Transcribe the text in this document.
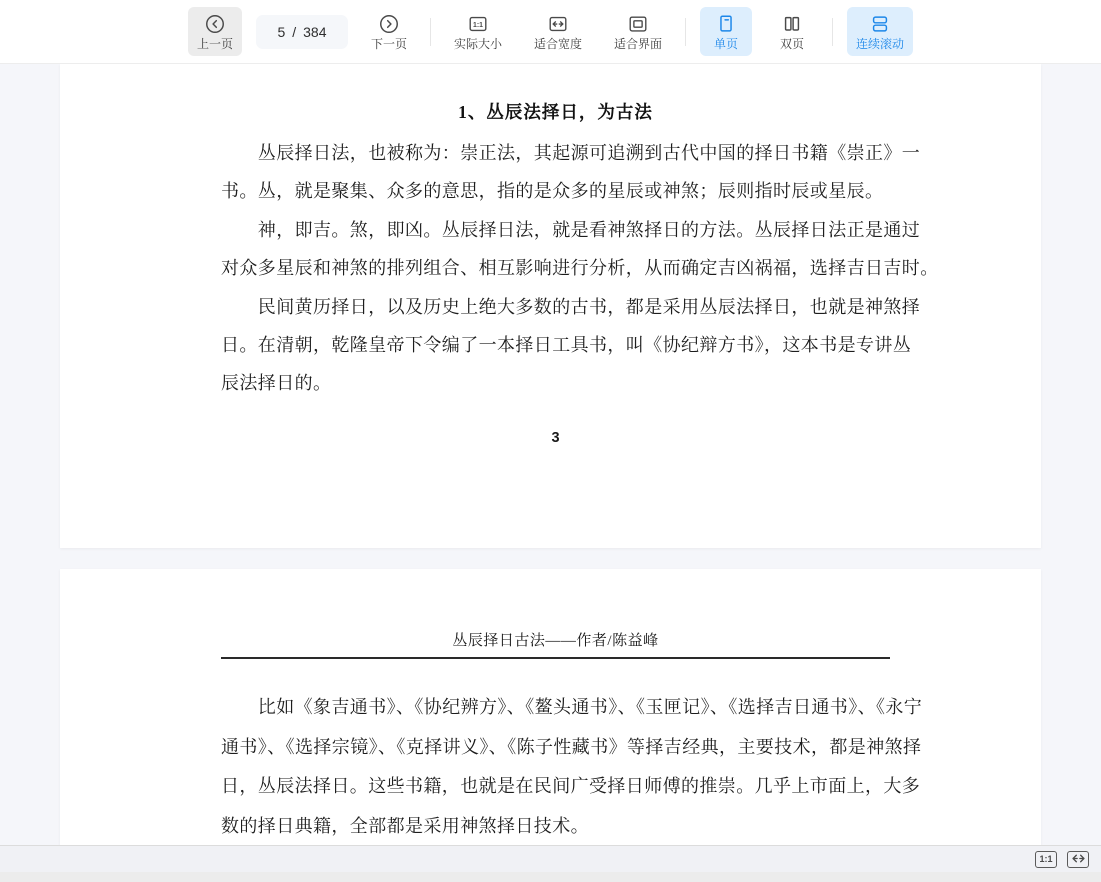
上一页
5 / 384
下一页
1:1
实际大小	适合宽度	适合界面	单页	双页	连续滚动
1、丛辰法择日，为古法
　　丛辰择日法，也被称为：崇正法，其起源可追溯到古代中国的择日书籍《崇正》一
书。丛，就是聚集、众多的意思，指的是众多的星辰或神煞；辰则指时辰或星辰。
　　神，即吉。煞，即凶。丛辰择日法，就是看神煞择日的方法。丛辰择日法正是通过
对众多星辰和神煞的排列组合、相互影响进行分析，从而确定吉凶祸福，选择吉日吉时。
　　民间黄历择日，以及历史上绝大多数的古书，都是采用丛辰法择日，也就是神煞择
日。在清朝，乾隆皇帝下令编了一本择日工具书，叫《协纪辩方书》，这本书是专讲丛
辰法择日的。
3
丛辰择日古法——作者/陈益峰
　　比如《象吉通书》、《协纪辨方》、《鳌头通书》、《玉匣记》、《选择吉日通书》、《永宁
通书》、《选择宗镜》、《克择讲义》、《陈子性藏书》等择吉经典，主要技术，都是神煞择
日，丛辰法择日。这些书籍，也就是在民间广受择日师傅的推崇。几乎上市面上，大多
数的择日典籍，全部都是采用神煞择日技术。
1:1
